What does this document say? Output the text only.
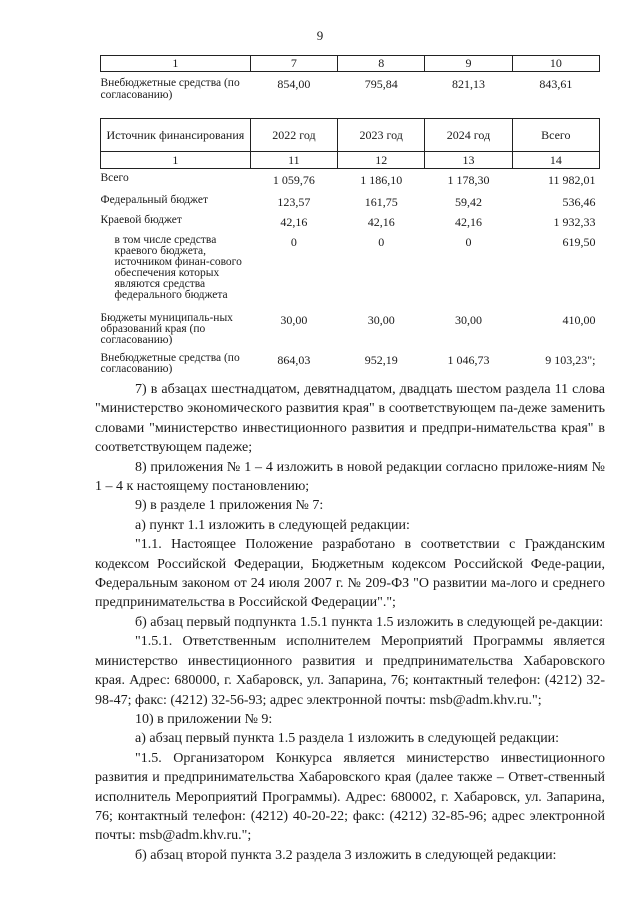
9
1	7	8	9	10
Внебюджетные средства (по согласованию)	854,00	795,84	821,13	843,61
Источник финансирования	2022 год	2023 год	2024 год	Всего
1	11	12	13	14
Всего	1 059,76	1 186,10	1 178,30	11 982,01
Федеральный бюджет	123,57	161,75	59,42	536,46
Краевой бюджет	42,16	42,16	42,16	1 932,33
в том числе средства краевого бюджета, источником финан-сового обеспечения которых являются средства федерального бюджета	0	0	0	619,50
Бюджеты муниципаль-ных образований края (по согласованию)	30,00	30,00	30,00	410,00
Внебюджетные средства (по согласованию)	864,03	952,19	1 046,73	9 103,23";

7) в абзацах шестнадцатом, девятнадцатом, двадцать шестом раздела 11 слова "министерство экономического развития края" в соответствующем па-деже заменить словами "министерство инвестиционного развития и предпри-нимательства края" в соответствующем падеже;

8) приложения № 1 – 4 изложить в новой редакции согласно приложе-ниям № 1 – 4 к настоящему постановлению;

9) в разделе 1 приложения № 7:

а) пункт 1.1 изложить в следующей редакции:

"1.1. Настоящее Положение разработано в соответствии с Гражданским кодексом Российской Федерации, Бюджетным кодексом Российской Феде-рации, Федеральным законом от 24 июля 2007 г. № 209-ФЗ "О развитии ма-лого и среднего предпринимательства в Российской Федерации".";

б) абзац первый подпункта 1.5.1 пункта 1.5 изложить в следующей ре-дакции:

"1.5.1. Ответственным исполнителем Мероприятий Программы является министерство инвестиционного развития и предпринимательства Хабаровского края. Адрес: 680000, г. Хабаровск, ул. Запарина, 76; контактный телефон: (4212) 32-98-47; факс: (4212) 32-56-93; адрес электронной почты: msb@adm.khv.ru.";

10) в приложении № 9:

а) абзац первый пункта 1.5 раздела 1 изложить в следующей редакции:

"1.5. Организатором Конкурса является министерство инвестиционного развития и предпринимательства Хабаровского края (далее также – Ответ-ственный исполнитель Мероприятий Программы). Адрес: 680002, г. Хабаровск, ул. Запарина, 76; контактный телефон: (4212) 40-20-22; факс: (4212) 32-85-96; адрес электронной почты: msb@adm.khv.ru.";

б) абзац второй пункта 3.2 раздела 3 изложить в следующей редакции:
